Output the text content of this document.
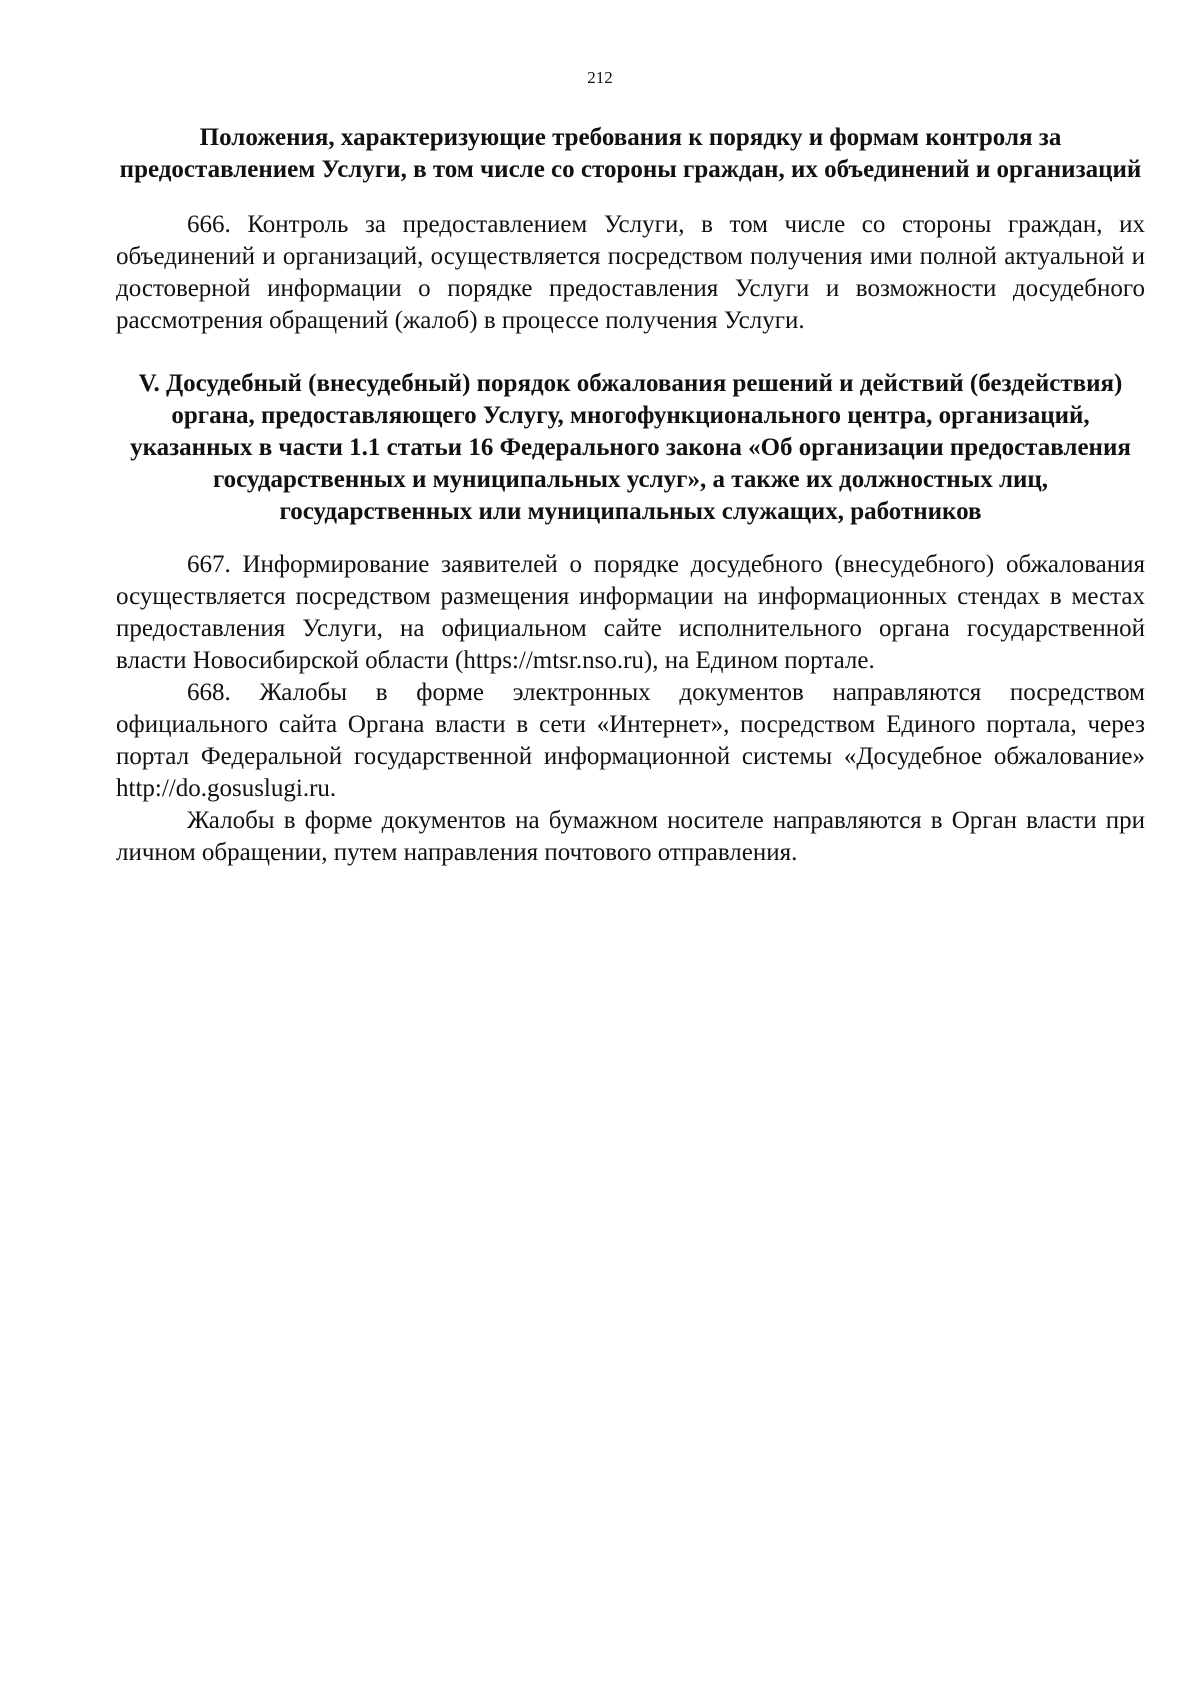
212
Положения, характеризующие требования к порядку и формам контроля за предоставлением Услуги, в том числе со стороны граждан, их объединений и организаций

666. Контроль за предоставлением Услуги, в том числе со стороны граждан, их объединений и организаций, осуществляется посредством получения ими полной актуальной и достоверной информации о порядке предоставления Услуги и возможности досудебного рассмотрения обращений (жалоб) в процессе получения Услуги.

V. Досудебный (внесудебный) порядок обжалования решений и действий (бездействия) органа, предоставляющего Услугу, многофункционального центра, организаций, указанных в части 1.1 статьи 16 Федерального закона «Об организации предоставления государственных и муниципальных услуг», а также их должностных лиц, государственных или муниципальных служащих, работников

667. Информирование заявителей о порядке досудебного (внесудебного) обжалования осуществляется посредством размещения информации на информационных стендах в местах предоставления Услуги, на официальном сайте исполнительного органа государственной власти Новосибирской области (https://mtsr.nso.ru), на Едином портале.

668. Жалобы в форме электронных документов направляются посредством официального сайта Органа власти в сети «Интернет», посредством Единого портала, через портал Федеральной государственной информационной системы «Досудебное обжалование» http://do.gosuslugi.ru.

Жалобы в форме документов на бумажном носителе направляются в Орган власти при личном обращении, путем направления почтового отправления.
